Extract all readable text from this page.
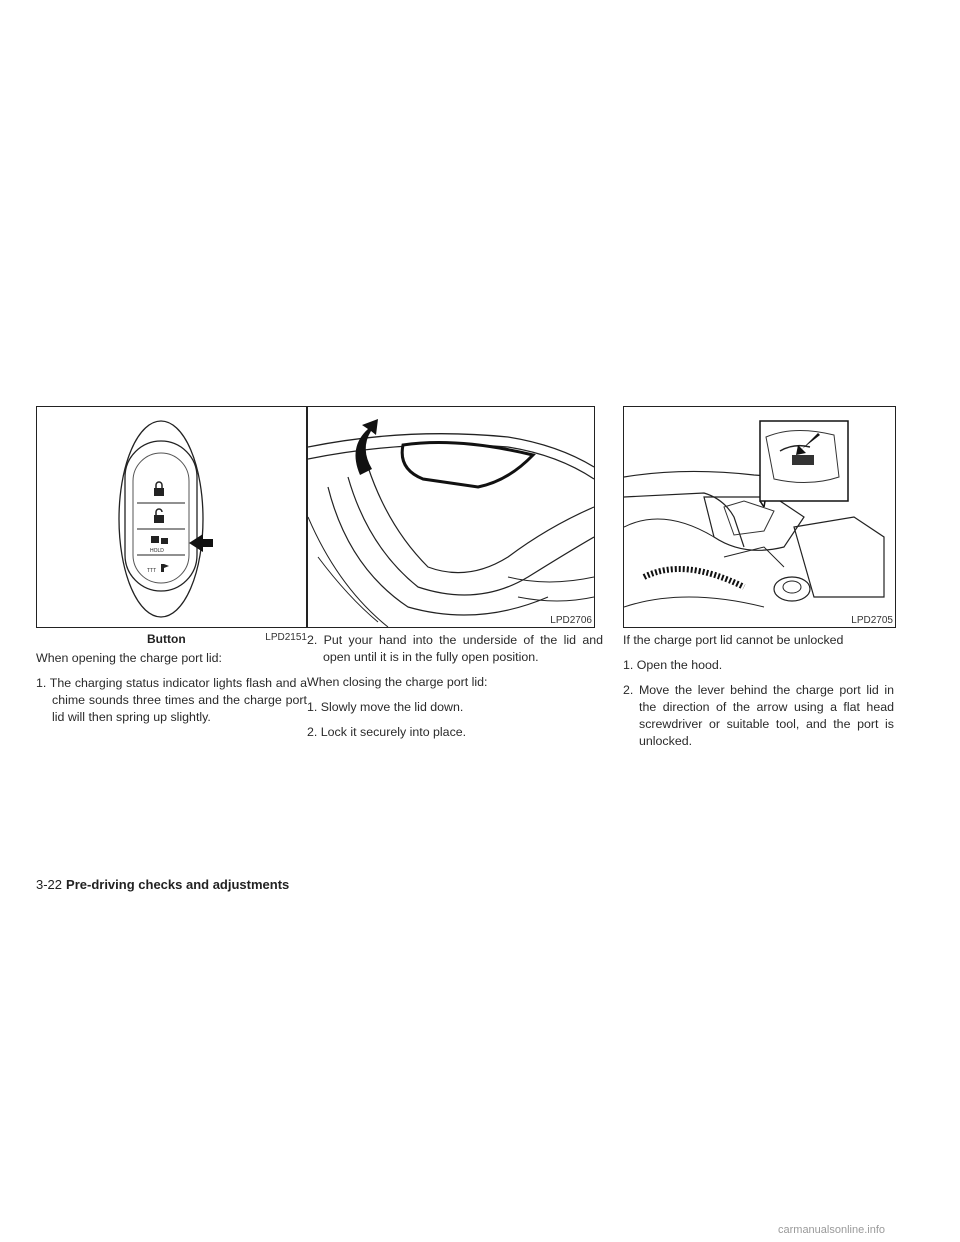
HOLD
TTT
Button	LPD2151

When opening the charge port lid:

1. The charging status indicator lights flash and a chime sounds three times and the charge port lid will then spring up slightly.

LPD2706

2. Put your hand into the underside of the lid and open until it is in the fully open position.

When closing the charge port lid:

1. Slowly move the lid down.

2. Lock it securely into place.

LPD2705

If the charge port lid cannot be unlocked

1. Open the hood.

2. Move the lever behind the charge port lid in the direction of the arrow using a flat head screwdriver or suitable tool, and the port is unlocked.

3-22 Pre-driving checks and adjustments
carmanualsonline.info
